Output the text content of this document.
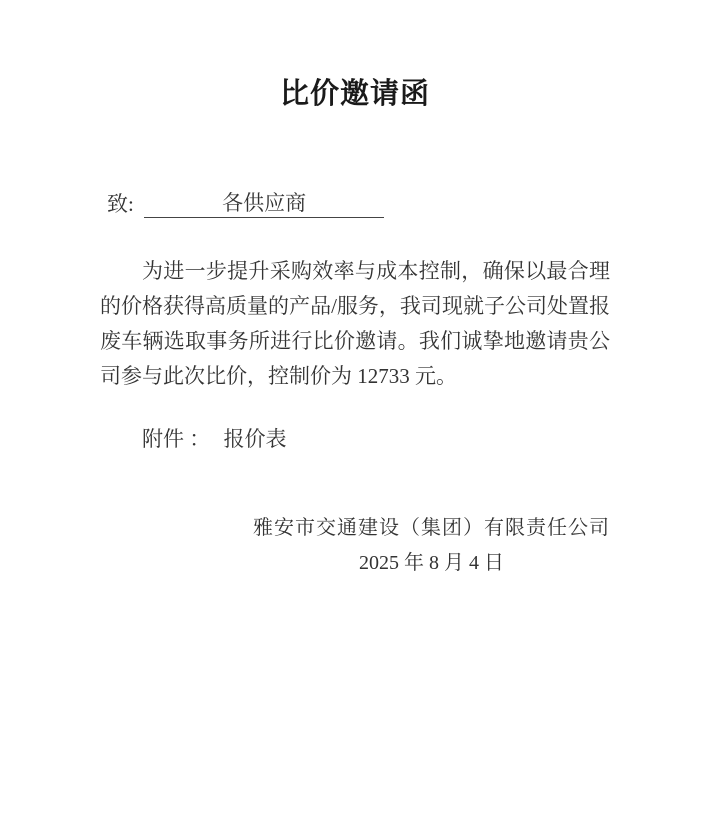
比价邀请函
致:	各供应商

为进一步提升采购效率与成本控制，确保以最合理的价格获得高质量的产品/服务，我司现就子公司处置报废车辆选取事务所进行比价邀请。我们诚挚地邀请贵公司参与此次比价，控制价为 12733 元。

附件 ： 报价表
雅安市交通建设（集团）有限责任公司
2025 年 8 月 4 日
